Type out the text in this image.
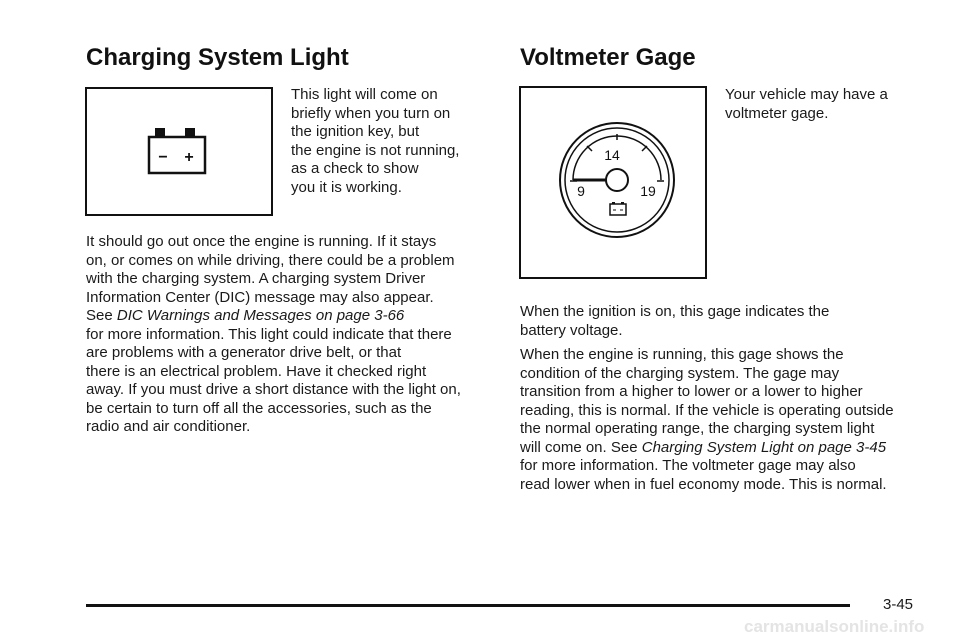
Charging System Light
− +
This light will come on
briefly when you turn on
the ignition key, but
the engine is not running,
as a check to show
you it is working.
It should go out once the engine is running. If it stays
on, or comes on while driving, there could be a problem
with the charging system. A charging system Driver
Information Center (DIC) message may also appear.
See DIC Warnings and Messages on page 3-66
for more information. This light could indicate that there
are problems with a generator drive belt, or that
there is an electrical problem. Have it checked right
away. If you must drive a short distance with the light on,
be certain to turn off all the accessories, such as the
radio and air conditioner.
Voltmeter Gage
14
9	19
Your vehicle may have a
voltmeter gage.
When the ignition is on, this gage indicates the
battery voltage.
When the engine is running, this gage shows the
condition of the charging system. The gage may
transition from a higher to lower or a lower to higher
reading, this is normal. If the vehicle is operating outside
the normal operating range, the charging system light
will come on. See Charging System Light on page 3-45
for more information. The voltmeter gage may also
read lower when in fuel economy mode. This is normal.
3-45
carmanualsonline.info
